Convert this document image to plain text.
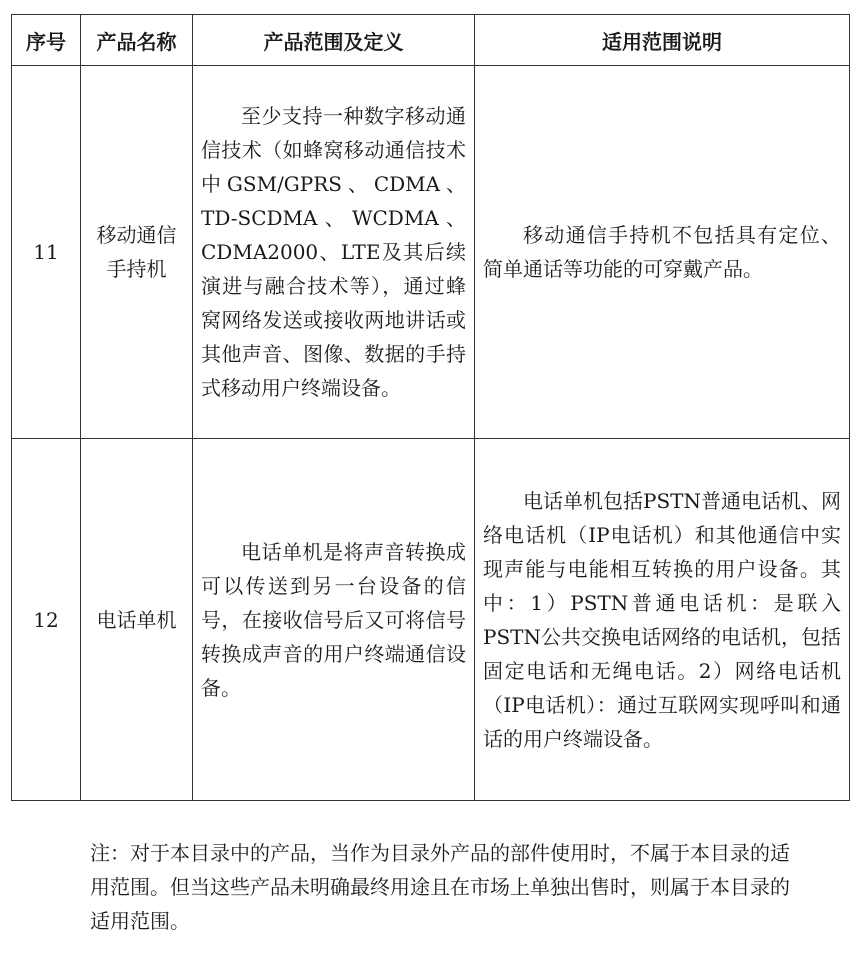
序号	产品名称	产品范围及定义	适用范围说明
11	移动通信手持机	至少支持一种数字移动通信技术（如蜂窝移动通信技术中GSM/GPRS、CDMA、TD-SCDMA、WCDMA、CDMA2000、LTE及其后续演进与融合技术等），通过蜂窝网络发送或接收两地讲话或其他声音、图像、数据的手持式移动用户终端设备。	移动通信手持机不包括具有定位、简单通话等功能的可穿戴产品。

12	电话单机	电话单机是将声音转换成可以传送到另一台设备的信号，在接收信号后又可将信号转换成声音的用户终端通信设备。	电话单机包括PSTN普通电话机、网络电话机（IP电话机）和其他通信中实现声能与电能相互转换的用户设备。其中：1）PSTN普通电话机：是联入PSTN公共交换电话网络的电话机，包括固定电话和无绳电话。2）网络电话机（IP电话机）：通过互联网实现呼叫和通话的用户终端设备。

注：对于本目录中的产品，当作为目录外产品的部件使用时，不属于本目录的适用范围。但当这些产品未明确最终用途且在市场上单独出售时，则属于本目录的适用范围。
